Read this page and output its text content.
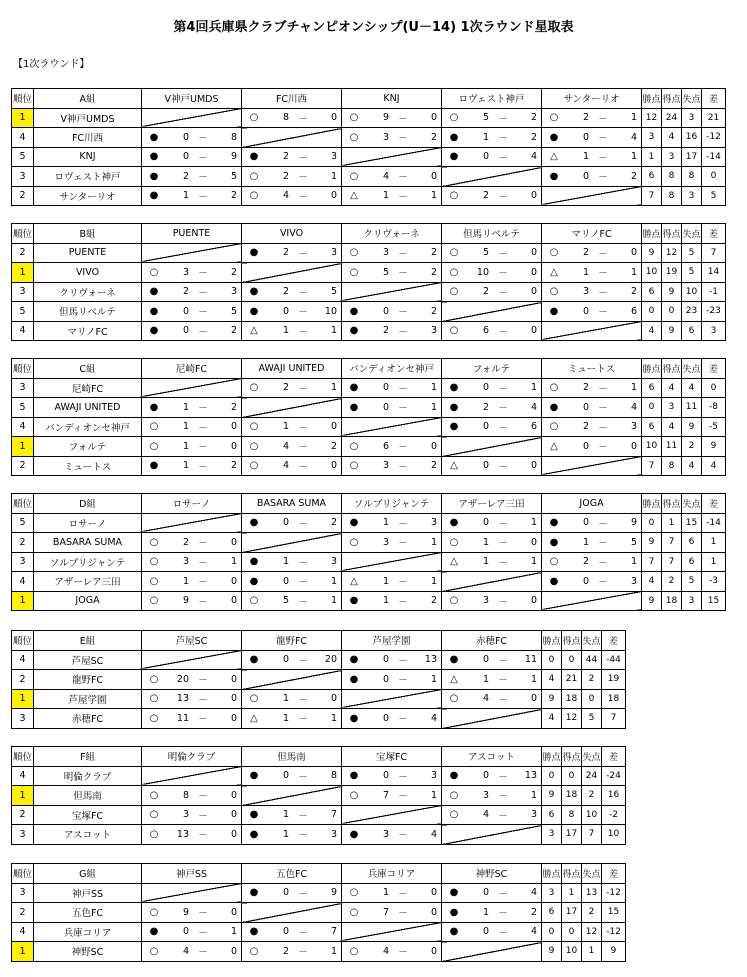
第4回兵庫県クラブチャンピオンシップ(U－14) 1次ラウンド星取表
【1次ラウンド】
順位	A組	V神戸UMDS	FC川西	KNJ	ロヴェスト神戸	サンターリオ	勝点	得点	失点	差
1	V神戸UMDS		○ 8 － 0	○ 9 － 0	○ 5 － 2	○ 2 － 1	12	24	3	21
4	FC川西	● 0 － 8		○ 3 － 2	● 1 － 2	● 0 － 4	3	4	16	-12
5	KNJ	● 0 － 9	● 2 － 3		● 0 － 4	△ 1 － 1	1	3	17	-14
3	ロヴェスト神戸	● 2 － 5	○ 2 － 1	○ 4 － 0		● 0 － 2	6	8	8	0
2	サンターリオ	● 1 － 2	○ 4 － 0	△ 1 － 1	○ 2 － 0		7	8	3	5
順位	B組	PUENTE	VIVO	クリヴォーネ	但馬リベルテ	マリノFC	勝点	得点	失点	差
2	PUENTE		● 2 － 3	○ 3 － 2	○ 5 － 0	○ 2 － 0	9	12	5	7
1	VIVO	○ 3 － 2		○ 5 － 2	○ 10 － 0	△ 1 － 1	10	19	5	14
3	クリヴォーネ	● 2 － 3	● 2 － 5		○ 2 － 0	○ 3 － 2	6	9	10	-1
5	但馬リベルテ	● 0 － 5	● 0 － 10	● 0 － 2		● 0 － 6	0	0	23	-23
4	マリノFC	● 0 － 2	△ 1 － 1	● 2 － 3	○ 6 － 0		4	9	6	3
順位	C組	尼崎FC	AWAJI UNITED	バンディオンセ神戸	フォルテ	ミュートス	勝点	得点	失点	差
3	尼崎FC		○ 2 － 1	● 0 － 1	● 0 － 1	○ 2 － 1	6	4	4	0
5	AWAJI UNITED	● 1 － 2		● 0 － 1	● 2 － 4	● 0 － 4	0	3	11	-8
4	バンディオンセ神戸	○ 1 － 0	○ 1 － 0		● 0 － 6	○ 2 － 3	6	4	9	-5
1	フォルテ	○ 1 － 0	○ 4 － 2	○ 6 － 0		△ 0 － 0	10	11	2	9
2	ミュートス	● 1 － 2	○ 4 － 0	○ 3 － 2	△ 0 － 0		7	8	4	4
順位	D組	ロサーノ	BASARA SUMA	ソルブリジャンテ	アザーレア三田	JOGA	勝点	得点	失点	差
5	ロサーノ		● 0 － 2	● 1 － 3	● 0 － 1	● 0 － 9	0	1	15	-14
2	BASARA SUMA	○ 2 － 0		○ 3 － 1	○ 1 － 0	● 1 － 5	9	7	6	1
3	ソルブリジャンテ	○ 3 － 1	● 1 － 3		△ 1 － 1	○ 2 － 1	7	7	6	1
4	アザーレア三田	○ 1 － 0	● 0 － 1	△ 1 － 1		● 0 － 3	4	2	5	-3
1	JOGA	○ 9 － 0	○ 5 － 1	● 1 － 2	○ 3 － 0		9	18	3	15
順位	E組	芦屋SC	龍野FC	芦屋学園	赤穂FC	勝点	得点	失点	差
4	芦屋SC		● 0 － 20	● 0 － 13	● 0 － 11	0	0	44	-44
2	龍野FC	○ 20 － 0		● 0 － 1	△ 1 － 1	4	21	2	19
1	芦屋学園	○ 13 － 0	○ 1 － 0		○ 4 － 0	9	18	0	18
3	赤穂FC	○ 11 － 0	△ 1 － 1	● 0 － 4		4	12	5	7
順位	F組	明倫クラブ	但馬南	宝塚FC	アスコット	勝点	得点	失点	差
4	明倫クラブ		● 0 － 8	● 0 － 3	● 0 － 13	0	0	24	-24
1	但馬南	○ 8 － 0		○ 7 － 1	○ 3 － 1	9	18	2	16
2	宝塚FC	○ 3 － 0	● 1 － 7		○ 4 － 3	6	8	10	-2
3	アスコット	○ 13 － 0	● 1 － 3	● 3 － 4		3	17	7	10
順位	G組	神戸SS	五色FC	兵庫コリア	神野SC	勝点	得点	失点	差
3	神戸SS		● 0 － 9	○ 1 － 0	● 0 － 4	3	1	13	-12
2	五色FC	○ 9 － 0		○ 7 － 0	● 1 － 2	6	17	2	15
4	兵庫コリア	● 0 － 1	● 0 － 7		● 0 － 4	0	0	12	-12
1	神野SC	○ 4 － 0	○ 2 － 1	○ 4 － 0		9	10	1	9
